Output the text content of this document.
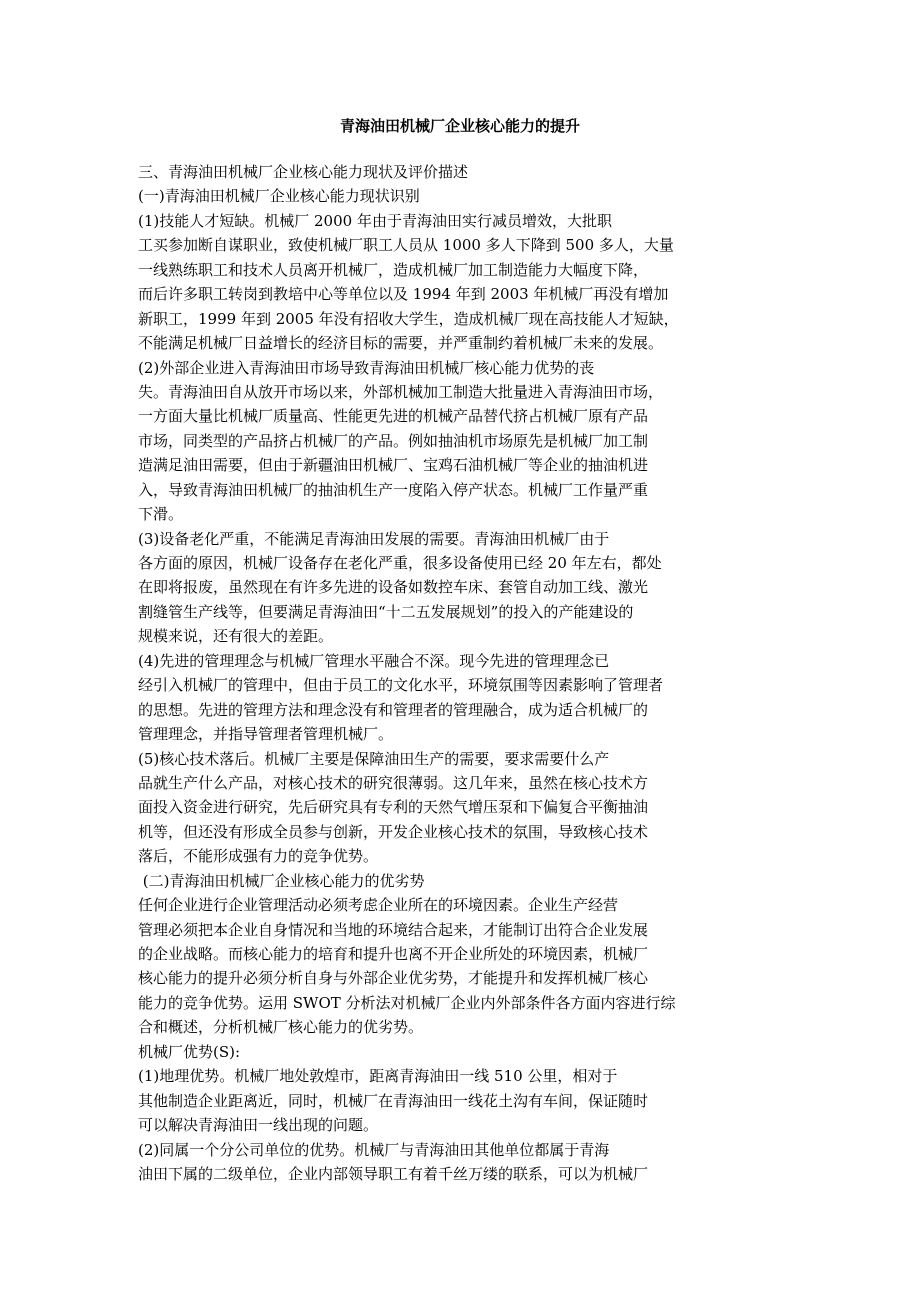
青海油田机械厂企业核心能力的提升
三、青海油田机械厂企业核心能力现状及评价描述
(一)青海油田机械厂企业核心能力现状识别
(1)技能人才短缺。机械厂 2000 年由于青海油田实行减员增效，大批职
工买参加断自谋职业，致使机械厂职工人员从 1000 多人下降到 500 多人，大量
一线熟练职工和技术人员离开机械厂，造成机械厂加工制造能力大幅度下降，
而后许多职工转岗到教培中心等单位以及 1994 年到 2003 年机械厂再没有增加
新职工，1999 年到 2005 年没有招收大学生，造成机械厂现在高技能人才短缺，
不能满足机械厂日益增长的经济目标的需要，并严重制约着机械厂未来的发展。
(2)外部企业进入青海油田市场导致青海油田机械厂核心能力优势的丧
失。青海油田自从放开市场以来，外部机械加工制造大批量进入青海油田市场，
一方面大量比机械厂质量高、性能更先进的机械产品替代挤占机械厂原有产品
市场，同类型的产品挤占机械厂的产品。例如抽油机市场原先是机械厂加工制
造满足油田需要，但由于新疆油田机械厂、宝鸡石油机械厂等企业的抽油机进
入，导致青海油田机械厂的抽油机生产一度陷入停产状态。机械厂工作量严重
下滑。
(3)设备老化严重，不能满足青海油田发展的需要。青海油田机械厂由于
各方面的原因，机械厂设备存在老化严重，很多设备使用已经 20 年左右，都处
在即将报废，虽然现在有许多先进的设备如数控车床、套管自动加工线、激光
割缝管生产线等，但要满足青海油田“十二五发展规划”的投入的产能建设的
规模来说，还有很大的差距。
(4)先进的管理理念与机械厂管理水平融合不深。现今先进的管理理念已
经引入机械厂的管理中，但由于员工的文化水平，环境氛围等因素影响了管理者
的思想。先进的管理方法和理念没有和管理者的管理融合，成为适合机械厂的
管理理念，并指导管理者管理机械厂。
(5)核心技术落后。机械厂主要是保障油田生产的需要，要求需要什么产
品就生产什么产品，对核心技术的研究很薄弱。这几年来，虽然在核心技术方
面投入资金进行研究，先后研究具有专利的天然气增压泵和下偏复合平衡抽油
机等，但还没有形成全员参与创新，开发企业核心技术的氛围，导致核心技术
落后，不能形成强有力的竞争优势。
(二)青海油田机械厂企业核心能力的优劣势
任何企业进行企业管理活动必须考虑企业所在的环境因素。企业生产经营
管理必须把本企业自身情况和当地的环境结合起来，才能制订出符合企业发展
的企业战略。而核心能力的培育和提升也离不开企业所处的环境因素，机械厂
核心能力的提升必须分析自身与外部企业优劣势，才能提升和发挥机械厂核心
能力的竞争优势。运用 SWOT 分析法对机械厂企业内外部条件各方面内容进行综
合和概述，分析机械厂核心能力的优劣势。
机械厂优势(S):
(1)地理优势。机械厂地处敦煌市，距离青海油田一线 510 公里，相对于
其他制造企业距离近，同时，机械厂在青海油田一线花土沟有车间，保证随时
可以解决青海油田一线出现的问题。
(2)同属一个分公司单位的优势。机械厂与青海油田其他单位都属于青海
油田下属的二级单位，企业内部领导职工有着千丝万缕的联系，可以为机械厂
